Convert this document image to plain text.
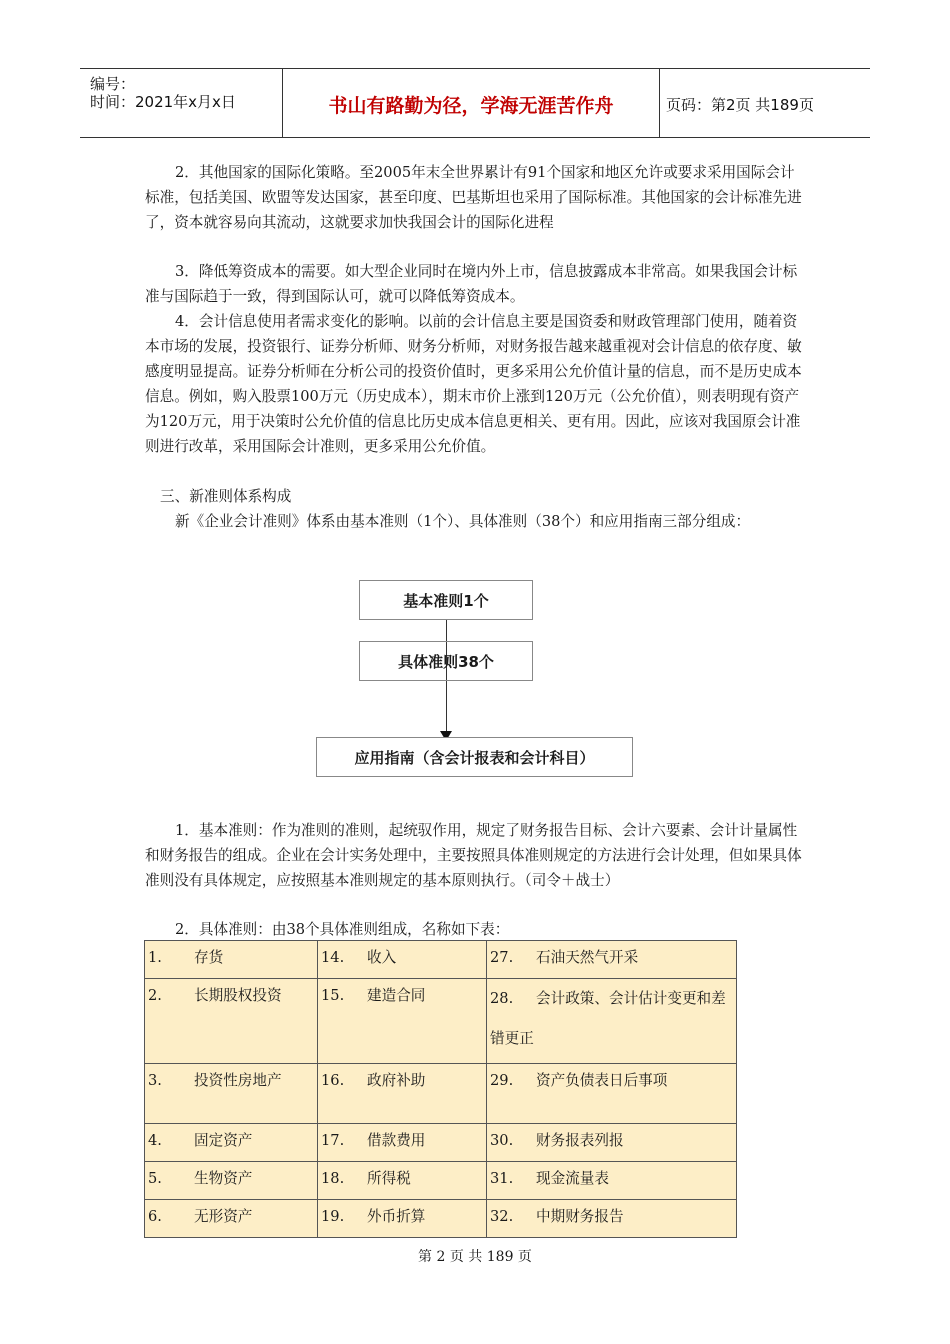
编号：
时间：2021年x月x日	书山有路勤为径，学海无涯苦作舟	页码：第2页 共189页

2．其他国家的国际化策略。至2005年末全世界累计有91个国家和地区允许或要求采用国际会计标准，包括美国、欧盟等发达国家，甚至印度、巴基斯坦也采用了国际标准。其他国家的会计标准先进了，资本就容易向其流动，这就要求加快我国会计的国际化进程

3．降低筹资成本的需要。如大型企业同时在境内外上市，信息披露成本非常高。如果我国会计标准与国际趋于一致，得到国际认可，就可以降低筹资成本。

4．会计信息使用者需求变化的影响。以前的会计信息主要是国资委和财政管理部门使用，随着资本市场的发展，投资银行、证券分析师、财务分析师，对财务报告越来越重视对会计信息的依存度、敏感度明显提高。证券分析师在分析公司的投资价值时，更多采用公允价值计量的信息，而不是历史成本信息。例如，购入股票100万元（历史成本），期末市价上涨到120万元（公允价值），则表明现有资产为120万元，用于决策时公允价值的信息比历史成本信息更相关、更有用。因此，应该对我国原会计准则进行改革，采用国际会计准则，更多采用公允价值。

三、新准则体系构成

新《企业会计准则》体系由基本准则（1个）、具体准则（38个）和应用指南三部分组成：

基本准则1个
具体准则38个
应用指南（含会计报表和会计科目）

1．基本准则：作为准则的准则，起统驭作用，规定了财务报告目标、会计六要素、会计计量属性和财务报告的组成。企业在会计实务处理中，主要按照具体准则规定的方法进行会计处理，但如果具体准则没有具体规定，应按照基本准则规定的基本原则执行。（司令＋战士）

2．具体准则：由38个具体准则组成，名称如下表：
1. 存货	14. 收入	27. 石油天然气开采
2. 长期股权投资	15. 建造合同	28. 会计政策、会计估计变更和差错更正
3. 投资性房地产	16. 政府补助	29. 资产负债表日后事项
4. 固定资产	17. 借款费用	30. 财务报表列报
5. 生物资产	18. 所得税	31. 现金流量表
6. 无形资产	19. 外币折算	32. 中期财务报告
第 2 页 共 189 页
